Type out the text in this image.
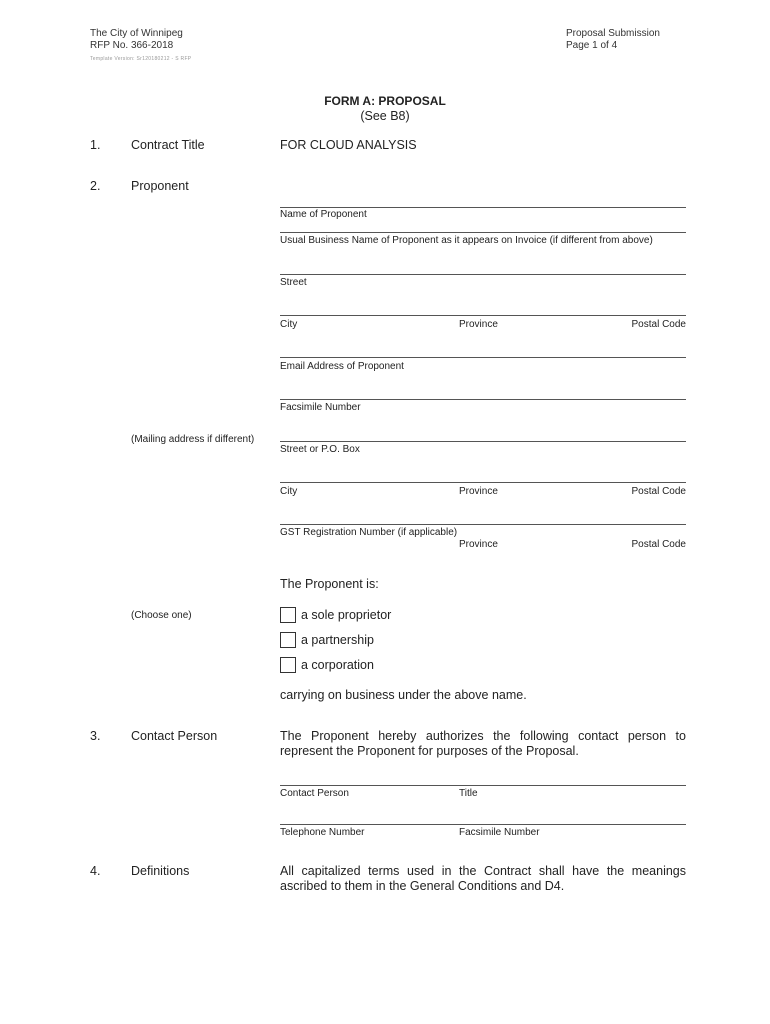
The City of Winnipeg
RFP No. 366-2018
Template Version: Sr120180212 - S RFP
Proposal Submission
Page 1 of 4
FORM A: PROPOSAL
(See B8)
1. Contract Title	FOR CLOUD ANALYSIS
2. Proponent
Name of Proponent
Usual Business Name of Proponent as it appears on Invoice (if different from above)
Street
City	Province	Postal Code
Email Address of Proponent
Facsimile Number
(Mailing address if different)
Street or P.O. Box
City	Province	Postal Code
GST Registration Number (if applicable)
Province	Postal Code
The Proponent is:
(Choose one)	a sole proprietor
a partnership
a corporation
carrying on business under the above name.
3. Contact Person	The Proponent hereby authorizes the following contact person to represent the Proponent for purposes of the Proposal.
Contact Person	Title
Telephone Number	Facsimile Number
4. Definitions	All capitalized terms used in the Contract shall have the meanings ascribed to them in the General Conditions and D4.
